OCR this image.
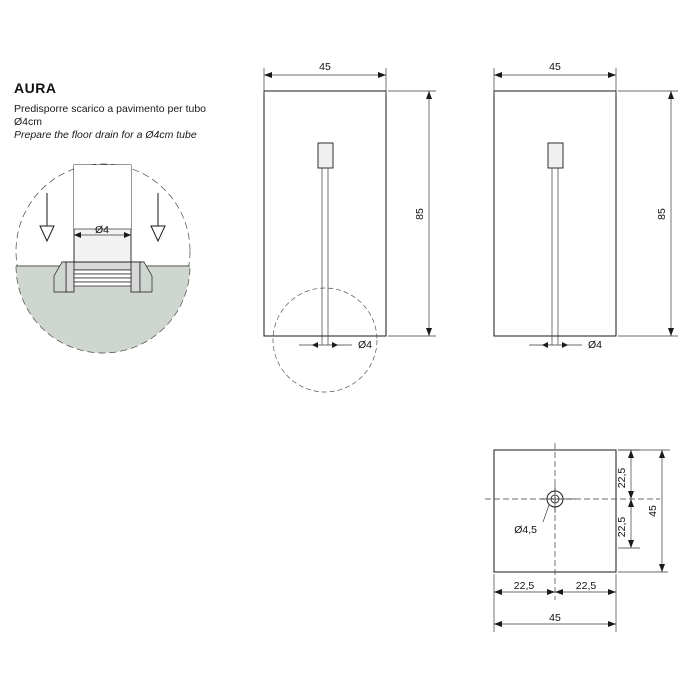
AURA

Predisporre scarico a pavimento per tubo Ø4cm

Prepare the floor drain for a Ø4cm tube

Ø4
45
85
Ø4
45
85
Ø4
Ø4,5
22,5
22,5
45
22,5	22,5
45
